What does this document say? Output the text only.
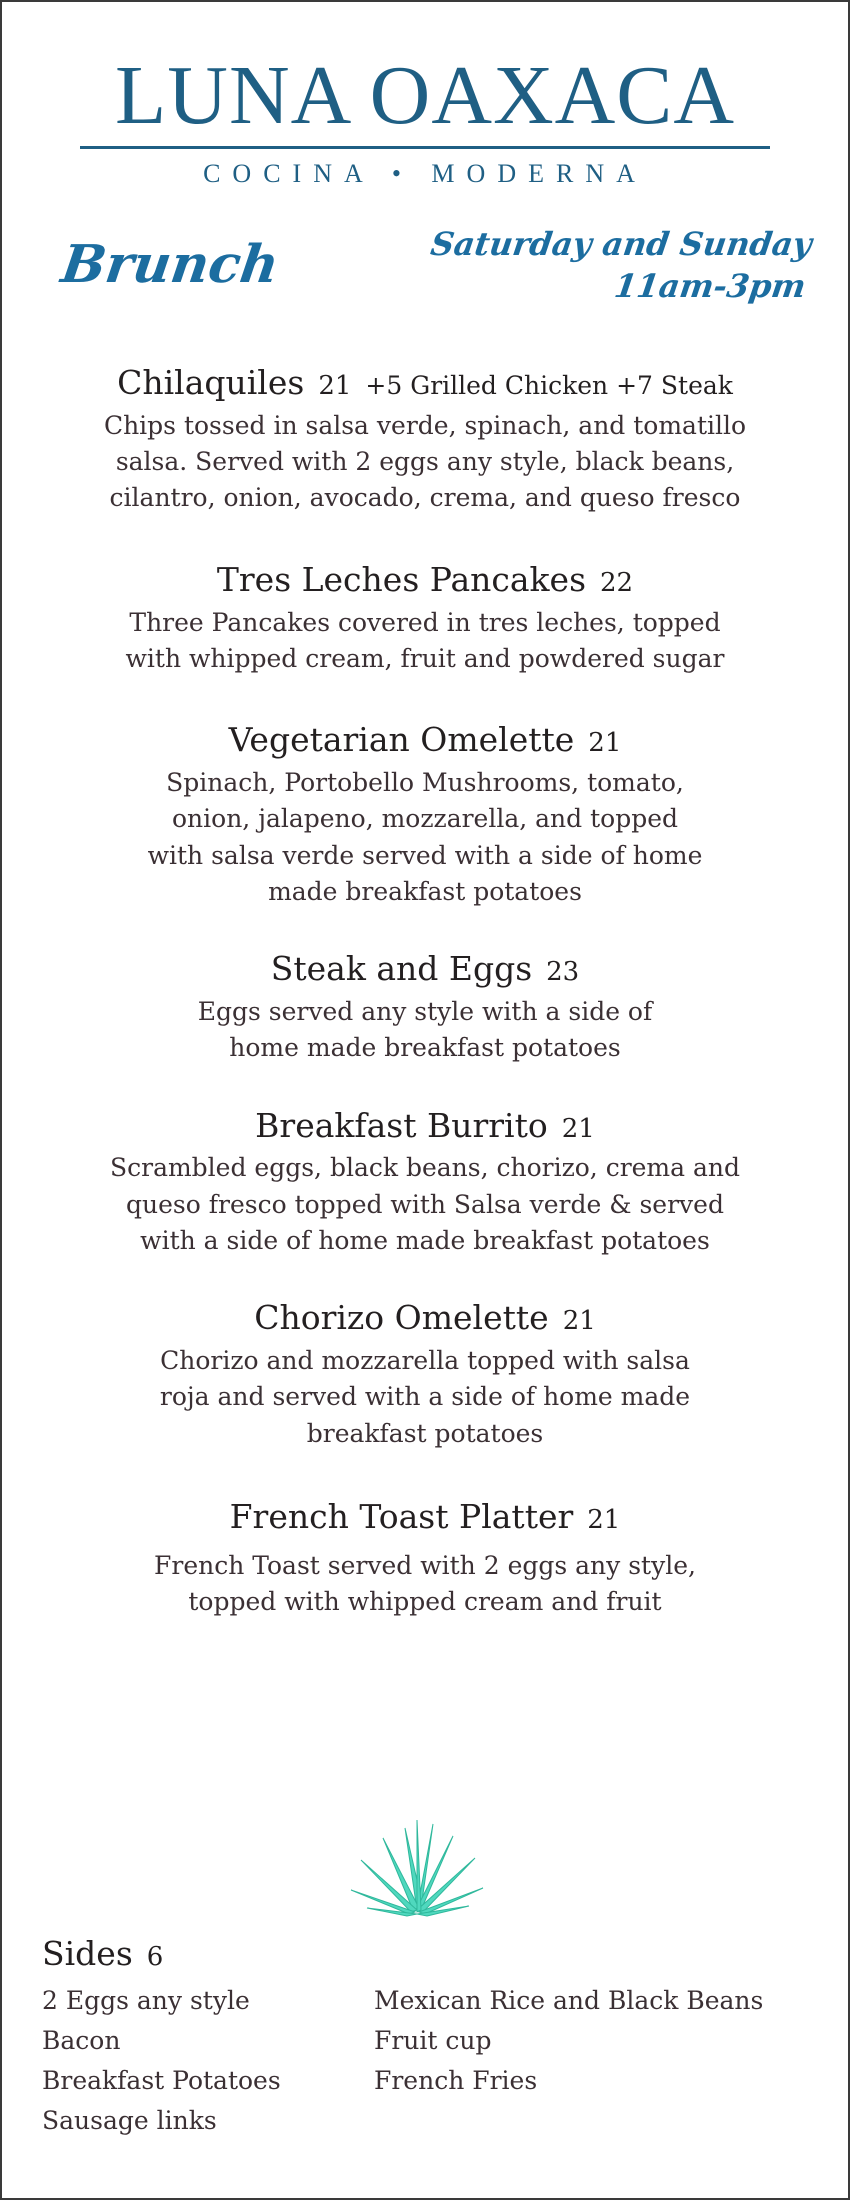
LUNA OAXACA
COCINA • MODERNA
Brunch	Saturday and Sunday
11am-3pm
Chilaquiles 21 +5 Grilled Chicken +7 Steak
Chips tossed in salsa verde, spinach, and tomatillo
salsa. Served with 2 eggs any style, black beans,
cilantro, onion, avocado, crema, and queso fresco
Tres Leches Pancakes 22
Three Pancakes covered in tres leches, topped
with whipped cream, fruit and powdered sugar
Vegetarian Omelette 21
Spinach, Portobello Mushrooms, tomato,
onion, jalapeno, mozzarella, and topped
with salsa verde served with a side of home
made breakfast potatoes
Steak and Eggs 23
Eggs served any style with a side of
home made breakfast potatoes
Breakfast Burrito 21
Scrambled eggs, black beans, chorizo, crema and
queso fresco topped with Salsa verde & served
with a side of home made breakfast potatoes
Chorizo Omelette 21
Chorizo and mozzarella topped with salsa
roja and served with a side of home made
breakfast potatoes
French Toast Platter 21
French Toast served with 2 eggs any style,
topped with whipped cream and fruit
Sides 6
2 Eggs any style
Bacon
Breakfast Potatoes
Sausage links
Mexican Rice and Black Beans
Fruit cup
French Fries
